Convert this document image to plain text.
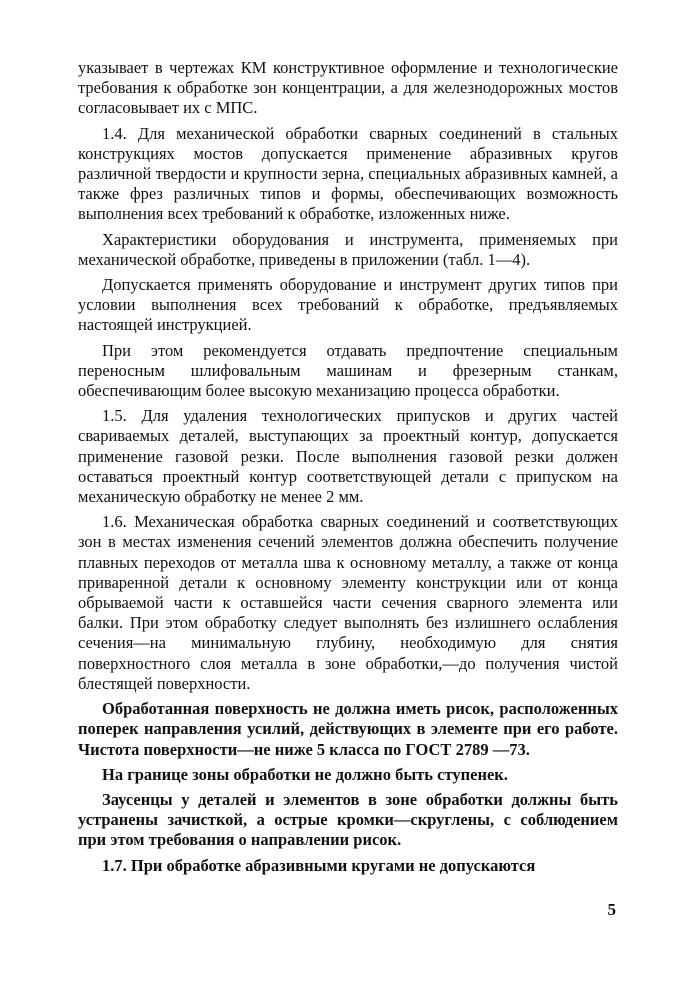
указывает в чертежах КМ конструктивное оформление и технологические требования к обработке зон концентрации, а для железнодорожных мостов согласовывает их с МПС.

1.4. Для механической обработки сварных соединений в стальных конструкциях мостов допускается применение абразивных кругов различной твердости и крупности зерна, специальных абразивных камней, а также фрез различных типов и формы, обеспечивающих возможность выполнения всех требований к обработке, изложенных ниже.

Характеристики оборудования и инструмента, применяемых при механической обработке, приведены в приложении (табл. 1—4).

Допускается применять оборудование и инструмент других типов при условии выполнения всех требований к обработке, предъявляемых настоящей инструкцией.

При этом рекомендуется отдавать предпочтение специальным переносным шлифовальным машинам и фрезерным станкам, обеспечивающим более высокую механизацию процесса обработки.

1.5. Для удаления технологических припусков и других частей свариваемых деталей, выступающих за проектный контур, допускается применение газовой резки. После выполнения газовой резки должен оставаться проектный контур соответствующей детали с припуском на механическую обработку не менее 2 мм.

1.6. Механическая обработка сварных соединений и соответствующих зон в местах изменения сечений элементов должна обеспечить получение плавных переходов от металла шва к основному металлу, а также от конца приваренной детали к основному элементу конструкции или от конца обрываемой части к оставшейся части сечения сварного элемента или балки. При этом обработку следует выполнять без излишнего ослабления сечения—на минимальную глубину, необходимую для снятия поверхностного слоя металла в зоне обработки,—до получения чистой блестящей поверхности.

Обработанная поверхность не должна иметь рисок, расположенных поперек направления усилий, действующих в элементе при его работе. Чистота поверхности—не ниже 5 класса по ГОСТ 2789 —73.

На границе зоны обработки не должно быть ступенек.

Заусенцы у деталей и элементов в зоне обработки должны быть устранены зачисткой, а острые кромки—скруглены, с соблюдением при этом требования о направлении рисок.

1.7. При обработке абразивными кругами не допускаются

5
